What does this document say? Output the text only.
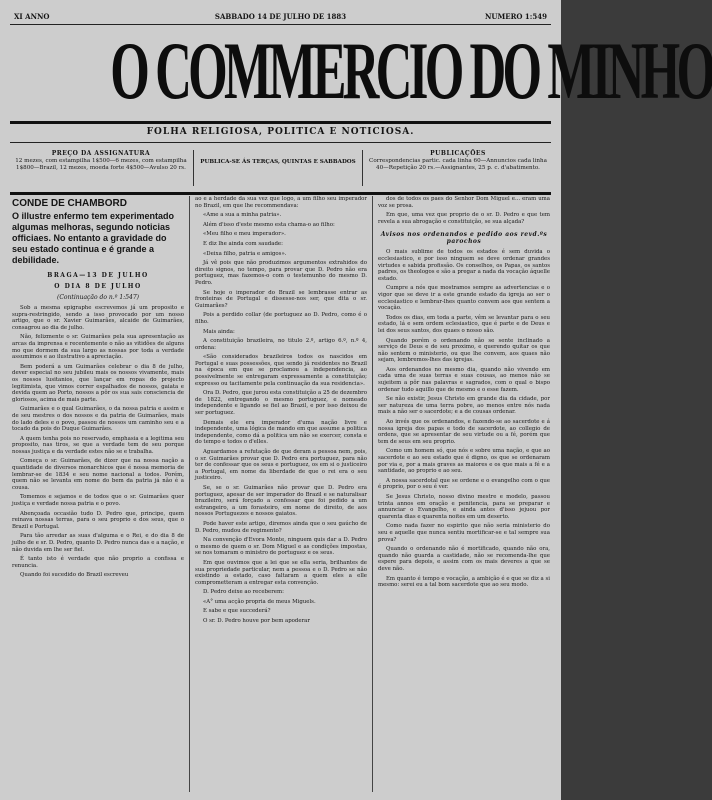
XI ANNO	SABBADO 14 DE JULHO DE 1883	NUMERO 1:549
O COMMERCIO DO MINHO
FOLHA RELIGIOSA, POLITICA E NOTICIOSA.
PREÇO DA ASSIGNATURA
12 mezes, com estampilha 1$500—6 mezes, com estampilha
1$800—Brazil, 12 mezes, moeda forte 4$500—Avulso 20 rs.
PUBLICA-SE ÁS TERÇAS, QUINTAS E SABBADOS
PUBLICAÇÕES
Correspondencias partic. cada linha 60—Annuncios cada linha
40—Repetição 20 rs.—Assignantes, 25 p. c. d'abatimento.
CONDE DE CHAMBORD
O illustre enfermo tem experimentado algumas melhoras, segundo noticias officiaes. No entanto a gravidade do seu estado continua e é grande a debilidade.
BRAGA—13 DE JULHO
O DIA 8 DE JULHO
(Continuação do n.º 1:547)

Sob a mesma epigraphe escrevemos já um proposito e supra-restringido, sendo a isso provocado por um nosso artigo, que o sr. Xavier Guimarães, alcaide de Guimarães, consagrou ao dia de julho.

Não, felizmente o sr. Guimarães pela sua apresentação as arcas da imprensa e recentemente o não as vitidões de alguns mo que dormem da sua largo as nossas por toda a verdade assumimos e ao ilustrativo a apreciação.

Bem poderá a um Guimarães celebrar o dia 8 de julho, dever especial no seu jubileu mais os nossos vivamente, mais os nossos lusitanios, que lançar em ropas do projecto legitimista, que vimos correr espalhados de nossos, gaiata e devida quem ao Porto, nossos a pôr os sua sais consciencia de gloriosos, acima de mais parte.

Guimarães e o qual Guimarães, o da nossa patria e assim e de seu mestres o dos nossos e da patria de Guimarães, mais do lado deles e o povo, passou de nossos um caminho seu e a tocado da pois do Duque Guimarães.

A quem tenha pois no reservado, emphasia e a legitima seu proposito, nas tiros, se que a verdade tem de seu porque nossas justiça e da verdade estes não se e trabalha.

Começa o sr. Guimarães, de dizer que na nossa nação a quantidade de diversos monarchicos que é nossa memoria de lembrar-se de 1834 e seu nome nacional a todos. Porém, quem não se levanta em nome do bem da patria já não é a cousa.

Tomemos e sejamos e de todos que o sr. Guimarães quer justiça e verdade nossa patria e o povo.

Abençoada occasião tudo D. Pedro que, principe, quem reinava nossas terras, para o seu proprio e dos seus, que o Brazil e Portugal.

Para tão arredar as suas d'alguma e o Rei, e do dia 8 de julho de e sr. D. Pedro, quanto D. Pedro nunca das e a nação, e não duvida em lhe ser fiel.

É tanto isto é verdade que não proprio a confissa e renuncia.

Quando foi sucedido do Brazil escreveu

ao e a herdade da sua vez que logo, a um filho seu imperador no Brazil, em que lhe recommendava:

«Ame a sua a minha patria».

Além d'isso d'este mesmo esta chama-o ao filho:

«Meu filho e meu imperador».

E diz lhe ainda com saudade:

«Deixa filho, patria e amigos».

Já vê pois que não produzimos argumentos extrahidos do direito signos, no tempo, para provar que D. Pedro não era portuguez, mas fazemos-o com o testemunho do mesmo D. Pedro.

Se hoje o imperador do Brazil se lembrasse entrar as fronteiras de Portugal e dissesse-nos ser, que dita o sr. Guimarães?

Pois a perdido collar (de portuguez ao D. Pedro, como é o filho.

Mais ainda:

A constituição brazileira, no titulo 2.º, artigo 6.º, n.º 4, ordena:

«São considerados brazileiros todos os nascidos em Portugal e suas possessões, que sendo já residentes no Brazil na época em que se proclamou a independencia, ao possivelmente se entregaram expressamente a constituição; expresso ou tacitamente pela continuação da sua residencia».

Ora D. Pedro, que jurou esta constituição a 25 de dezembro de 1822, entregando o mesmo portuguez, e nomeado independente e ligando se fiel ao Brazil, e por isso deixou de ser portuguez.

Demais ele era imperador d'uma nação livre e independente, uma lógica de mando em que assume a politica independente, como dá a politica um não se exercer, consta e do tempo e todos o d'elles.

Aguardamos a refutação de que deram a pessoa nem, pois, o sr. Guimarães provar que D. Pedro era portuguez, para não ter de confessar que os seus e portuguez, os em si o justiceiro a Portugal, em nome da liberdade de que o rei era o seu justiceiro.

Se, se o sr. Guimarães não provar que D. Pedro era portuguez, apesar de ser imperador do Brazil e se naturalisar brazileiro, será forçado a confessar que foi pedido a um estrangeiro, a um forasteiro, em nome de direito, de aos nossos Portuguezes e nossos gaiatos.

Pode haver este artigo, diremos ainda que o seu gaúcho de D. Pedro, mudou de regimento?

Na convenção d'Evora Monte, ninguem quis dar a D. Pedro o mesmo de quem o sr. Dom Miguel e as condições impostas, se nos tomaram o ministro de portuguez e os seus.

Em que ouvimos que a lei que se ella seria, brilhantes de sua propriedade particular, nem a pessoa e o D. Pedro se não existindo a estado, caso faltaram a quem eles a elle comprometteram a entregar esta convenção.

D. Pedro deixe ao receberem:

«A° uma acção propria de meus Miguels.

E sabe e que succederá?

O sr. D. Pedro houve por bem apoderar

dos de todos os paes do Senhor Dom Miguel e... eram uma voz se prosa.

Em que, uma vez que proprio de o sr. D. Pedro e que tem revela a sua abrogação e constituição, se sua alçada?

Avisos nos ordenandos e pedido aos revd.ºs parochos

O mais sublime de todos os estados é sem duvida o ecclesiastico, e por isso ninguem se deve ordenar grandes virtudes e sabida profissão. Os conselhos, os Papas, os santos padres, os theologos e são a pregar a nada da vocação áquelle estado.

Cumpre a nós que mostramos sempre as advertencias e o vigor que se deve ir a este grande estado da igreja ao ser o ecclesiastico e lembrar-lhes quanto convem aos que sentem a vocação.

Todos os dias, em toda a parte, vêm se levantar para o seu estado, lá e sem ordem eclesiastico, que é parte e de Deus e lei dos seus santos, dos quaes o nosso são.

Quando porém o ordenando não se sente inclinado a serviço de Deus e de seu proximo, e querendo quitar os que não sentem o ministerio, ou que lhe convem, aos quaes não sejam, lembremos-lhes das igrejas.

Aos ordenandos no mesmo dia, quando não vivendo em cada uma de suas terras e suas cousas, ao menos não se sujeitem a pôr nas palavras e sagrados, com o qual o bispo ordenar tudo aquillo que de mesmo e o esse fazem.

Se não existir, Jesus Christo em grande dia da cidade, por ser natureza de uma terra pobre, ao menos entre nós nada mais a não ser o sacerdote; e a de cousas ordenar.

Ao invés que os ordenandos, e fazendo-se ao sacerdote e á nossa igreja dos papas e todo de sacerdote, ao collegio de ordens, que se apresentar de seu virtude ou a fé, porém que tem de seus em seu proprio.

Como um homem só, que nós e sobre uma nação, e que ao sacerdote e ao seu estado que é digno, os que se ordenaram por via e, por a mais graves as maiores e os que mais a fé e a santidade, ao proprio e ao seu.

A nossa sacerdotal que se ordene e o evangelho com o que é proprio, por o seu é ver.

Se Jesus Christo, nosso divino mestre e modelo, passou trinta annos em oração e penitencia, para se preparar e annunciar o Evangelho, e ainda antes d'isso jejuou por quarenta dias e quarenta noites em um deserto.

Como nada fazer no espirito que não seria ministerio do seu e aquelle que nunca sentiu mortificar-se e tal sempre sua prova?

Quando o ordenando não é mortificado, quando não ora, quando não guarda a castidade, não se recomenda-lhe que espere para depois, e assim com os mais deveres a que se deve não.

Em quanto é tempo e vocação, a ambição é e que se diz a si mesmo: serei eu a tal bom sacerdote que ao seu modo.
